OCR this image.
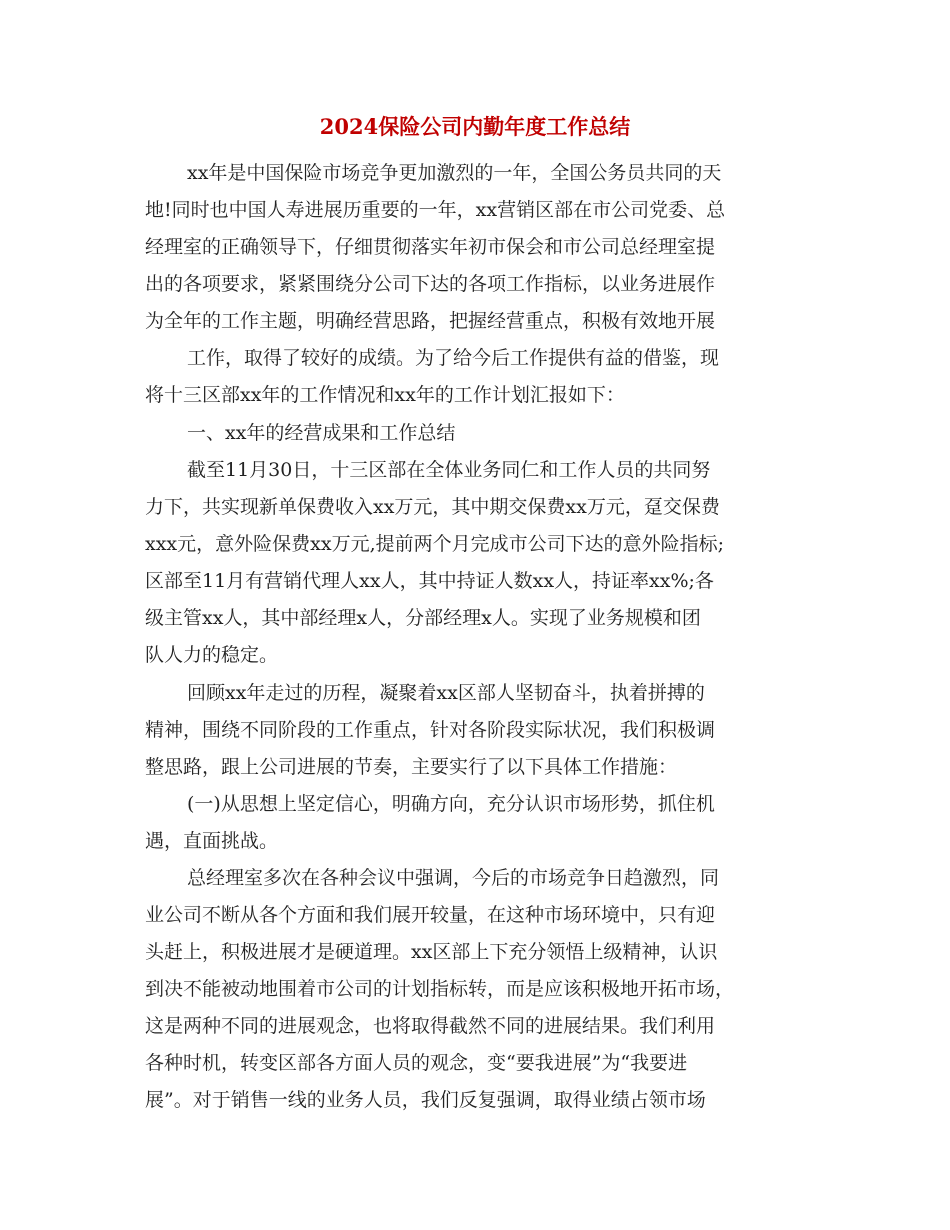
2024保险公司内勤年度工作总结
xx年是中国保险市场竞争更加激烈的一年，全国公务员共同的天
地!同时也中国人寿进展历重要的一年，xx营销区部在市公司党委、总
经理室的正确领导下，仔细贯彻落实年初市保会和市公司总经理室提
出的各项要求，紧紧围绕分公司下达的各项工作指标，以业务进展作
为全年的工作主题，明确经营思路，把握经营重点，积极有效地开展
工作，取得了较好的成绩。为了给今后工作提供有益的借鉴，现
将十三区部xx年的工作情况和xx年的工作计划汇报如下：
一、xx年的经营成果和工作总结
截至11月30日，十三区部在全体业务同仁和工作人员的共同努
力下，共实现新单保费收入xx万元，其中期交保费xx万元，趸交保费
xxx元，意外险保费xx万元,提前两个月完成市公司下达的意外险指标;
区部至11月有营销代理人xx人，其中持证人数xx人，持证率xx%;各
级主管xx人，其中部经理x人，分部经理x人。实现了业务规模和团
队人力的稳定。
回顾xx年走过的历程，凝聚着xx区部人坚韧奋斗，执着拼搏的
精神，围绕不同阶段的工作重点，针对各阶段实际状况，我们积极调
整思路，跟上公司进展的节奏，主要实行了以下具体工作措施：
(一)从思想上坚定信心，明确方向，充分认识市场形势，抓住机
遇，直面挑战。
总经理室多次在各种会议中强调，今后的市场竞争日趋激烈，同
业公司不断从各个方面和我们展开较量，在这种市场环境中，只有迎
头赶上，积极进展才是硬道理。xx区部上下充分领悟上级精神，认识
到决不能被动地围着市公司的计划指标转，而是应该积极地开拓市场，
这是两种不同的进展观念，也将取得截然不同的进展结果。我们利用
各种时机，转变区部各方面人员的观念，变“要我进展”为“我要进
展”。对于销售一线的业务人员，我们反复强调，取得业绩占领市场
